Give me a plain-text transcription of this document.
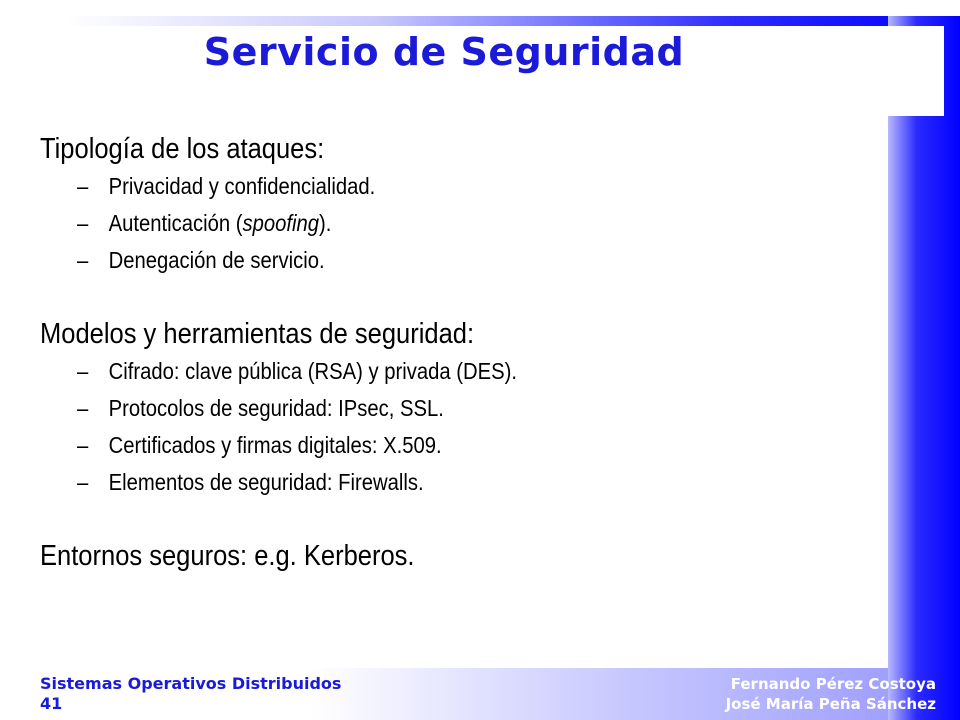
Servicio de Seguridad
Tipología de los ataques:
– Privacidad y confidencialidad.
– Autenticación (spoofing).
– Denegación de servicio.
Modelos y herramientas de seguridad:
– Cifrado: clave pública (RSA) y privada (DES).
– Protocolos de seguridad: IPsec, SSL.
– Certificados y firmas digitales: X.509.
– Elementos de seguridad: Firewalls.
Entornos seguros: e.g. Kerberos.
Sistemas Operativos Distribuidos
41
Fernando Pérez Costoya
José María Peña Sánchez
